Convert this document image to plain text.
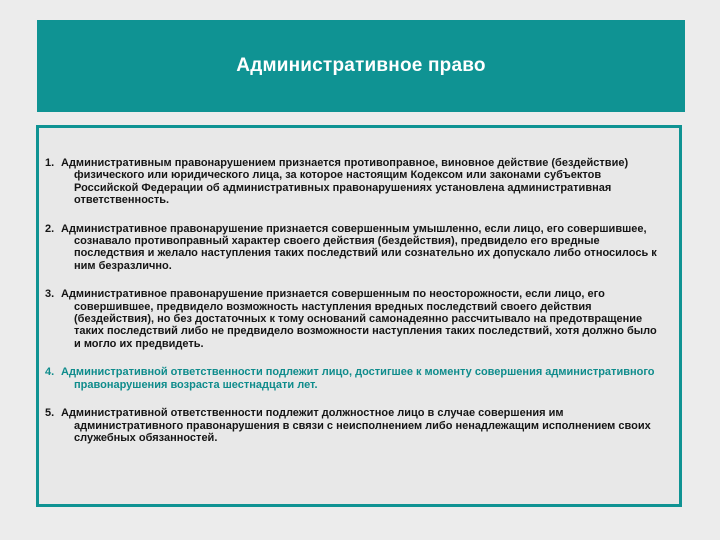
Административное право

1. Административным правонарушением признается противоправное, виновное действие (бездействие) физического или юридического лица, за которое настоящим Кодексом или законами субъектов Российской Федерации об административных правонарушениях установлена административная ответственность.

2. Административное правонарушение признается совершенным умышленно, если лицо, его совершившее, сознавало противоправный характер своего действия (бездействия), предвидело его вредные последствия и желало наступления таких последствий или сознательно их допускало либо относилось к ним безразлично.

3. Административное правонарушение признается совершенным по неосторожности, если лицо, его совершившее, предвидело возможность наступления вредных последствий своего действия (бездействия), но без достаточных к тому оснований самонадеянно рассчитывало на предотвращение таких последствий либо не предвидело возможности наступления таких последствий, хотя должно было и могло их предвидеть.

4. Административной ответственности подлежит лицо, достигшее к моменту совершения административного правонарушения возраста шестнадцати лет.

5. Административной ответственности подлежит должностное лицо в случае совершения им административного правонарушения в связи с неисполнением либо ненадлежащим исполнением своих служебных обязанностей.
